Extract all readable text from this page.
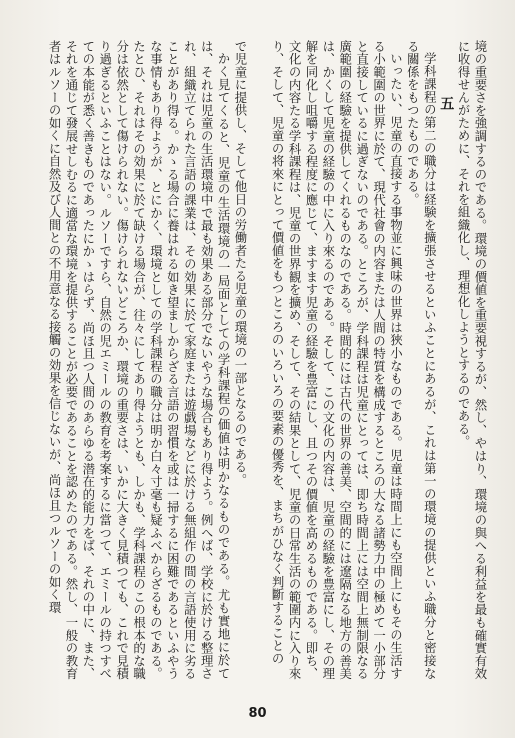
で児童に提供し、そして他日の労働者たる児童の環境の一部となるのである。

かく見てくると、児童の生活環境の一局面としての学科課程の価値は明かなるものである。尤も實地に於ては、それは児童の生活環境中で最も効果ある部分でないやうな場合もあり得よう。例へば、学校に於ける整理され、組織立てられた言語の課業は、その効果に於て家庭または遊戯場などに於ける無組作の間の言語使用に劣ることがあり得る。かゝる場合に養はれる如き望ましからざる言語の習慣を或は一掃するに困難であるといふやうな事情もあり得ようが、とにかく、環境としての学科課程の職分は明か白々寸毫も疑ふべからざるものである。たとひ、それはその効果に於て缺ける場合が、往々にしてあり得ようとも、しかも、学科課程のこの根本的な職分は依然として傷けられない。傷けられないどころか、環境の重要さは、いかに大きく見積つても、これで見積り過ぎるといふことはない。ルソーですら、自然の児エミールの教育を考案するに當つて、エミールの持つすべての本能が悉く善きものであったにかゝはらず、尚ほ且つ人間のあらゆる潜在的能力をば、それの中に、また、それを通じて發展せしむるに適當な環境を提供することが必要であることを認めたのである。然し、一般の教育者はルソーの如くに自然及び人間との不用意なる接觸の効果を信じないが、尚ほ且つルソーの如く環	境の重要さを強調するのである。環境の價値を重要視するが、然し、やはり、環境の與へる利益を最も確實有效に收得せんがために、それを組織化し、理想化しようとするのである。

五

学科課程の第二の職分は経験を擴張させるといふことにあるが、これは第一の環境の提供といふ職分と密接なる關係をもつたものである。

いったい、児童の直接する事物並に興味の世界は狹小なものである。児童は時間上にも空間上にもその生活する小範圍の世界に於て、現代社會の内容または人間の特質を構成するところの大なる諸勢力中の極めて一小部分と直接しているに過ぎないのである。ところが、学科課程は児童にとっては、即ち時間上には空間上無制限なる廣範圍の経驗を提供してくれるものなのである。時間的には古代の世界の善美、空間的には遼隔なる地方の善美は、かくして児童の経驗の中に入り來るのである。そして、この文化の内容は、児童の経驗を豊富にし、その理解を同化し咀嚼する程度に應じて、ますます児童の経驗を豊富にし、且つその價値を高めるものである。即ち、文化の内容たる学科課程は、児童の世界観を擴め、そして、その結果として、児童の日常生活の範圍内に入り來り、そして、児童の将來にとって價値をもつところのいろいろの要素の優秀を、まちがひなく判斷することの

80
